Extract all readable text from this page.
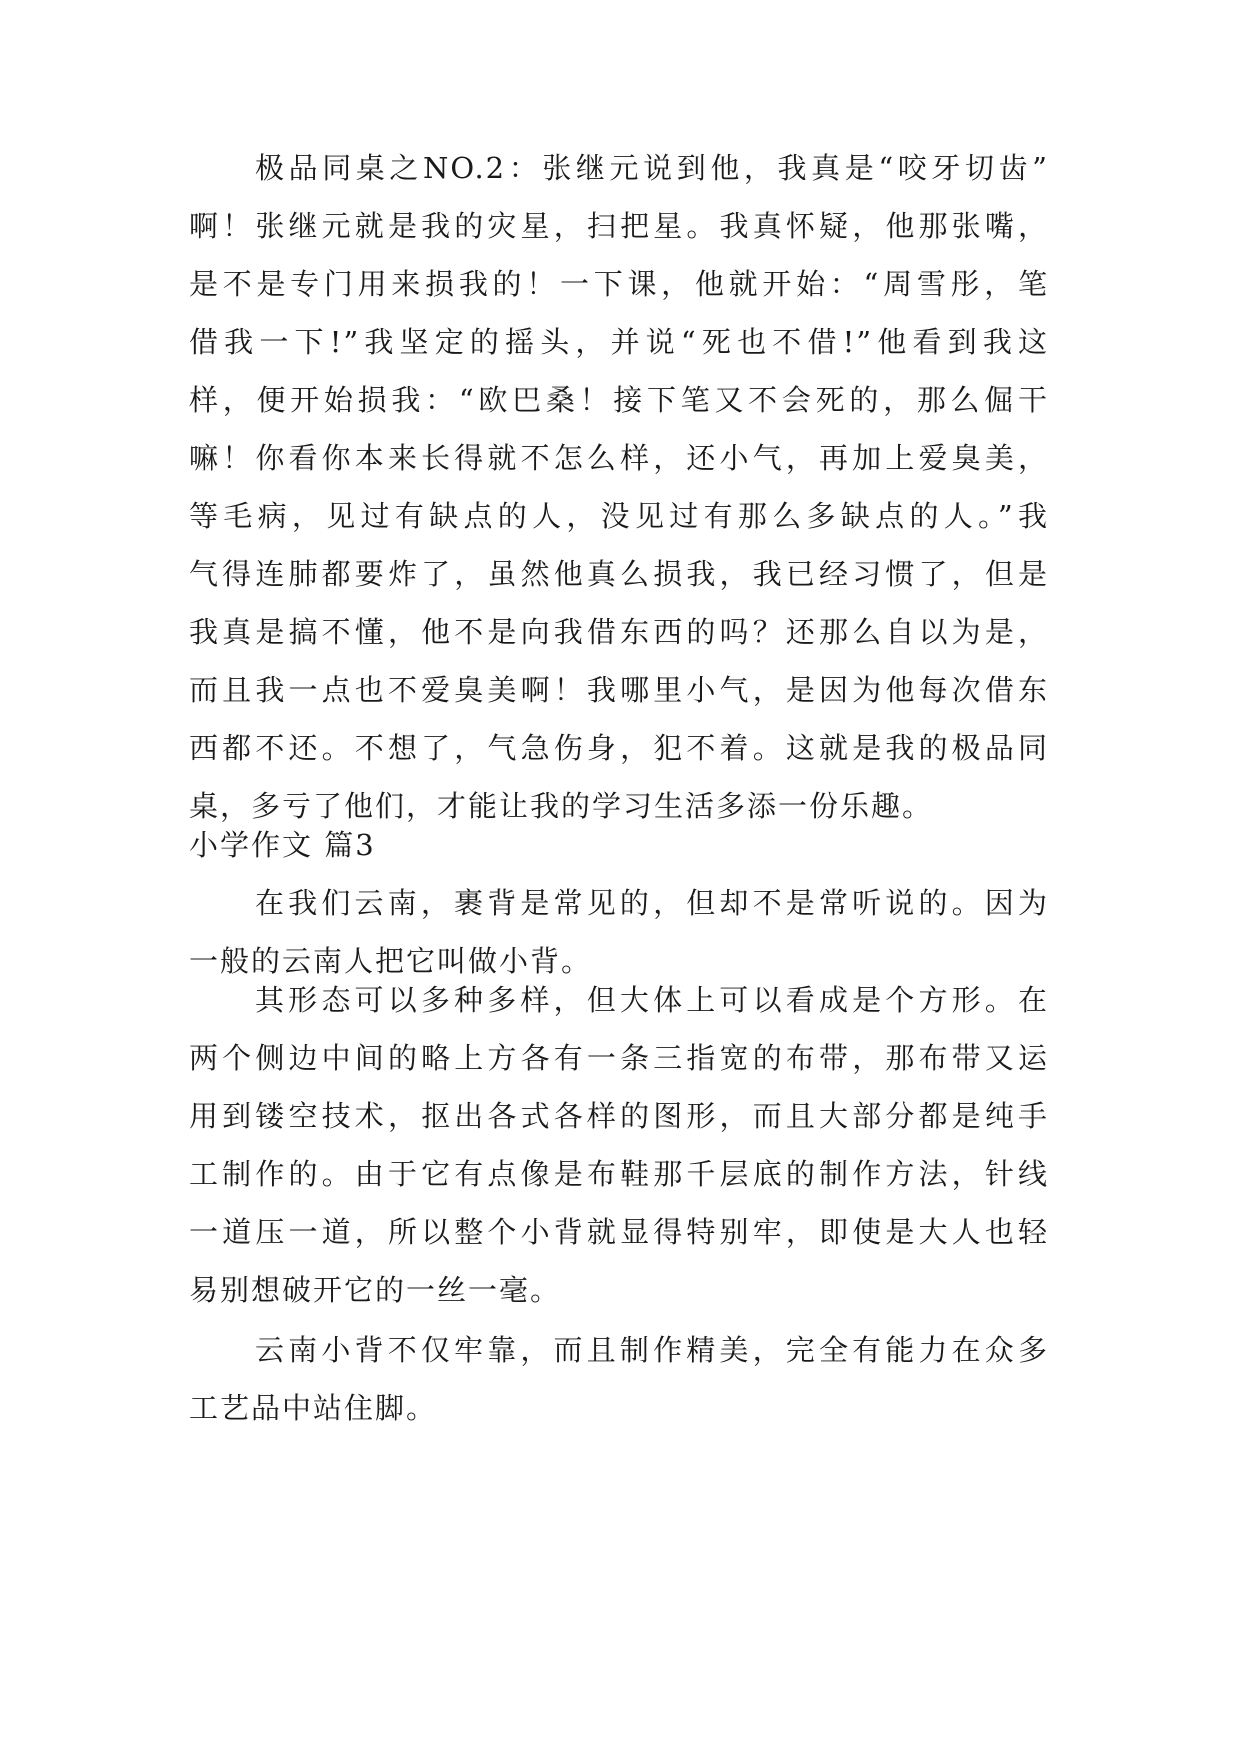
极品同桌之NO.2：张继元说到他，我真是“咬牙切齿”
啊！张继元就是我的灾星，扫把星。我真怀疑，他那张嘴，
是不是专门用来损我的！一下课，他就开始：“周雪彤，笔
借我一下!”我坚定的摇头，并说“死也不借!”他看到我这
样，便开始损我：“欧巴桑！接下笔又不会死的，那么倔干
嘛！你看你本来长得就不怎么样，还小气，再加上爱臭美，
等毛病，见过有缺点的人，没见过有那么多缺点的人。”我
气得连肺都要炸了，虽然他真么损我，我已经习惯了，但是
我真是搞不懂，他不是向我借东西的吗？还那么自以为是，
而且我一点也不爱臭美啊！我哪里小气，是因为他每次借东
西都不还。不想了，气急伤身，犯不着。这就是我的极品同
桌，多亏了他们，才能让我的学习生活多添一份乐趣。
小学作文 篇3
在我们云南，裹背是常见的，但却不是常听说的。因为
一般的云南人把它叫做小背。
其形态可以多种多样，但大体上可以看成是个方形。在
两个侧边中间的略上方各有一条三指宽的布带，那布带又运
用到镂空技术，抠出各式各样的图形，而且大部分都是纯手
工制作的。由于它有点像是布鞋那千层底的制作方法，针线
一道压一道，所以整个小背就显得特别牢，即使是大人也轻
易别想破开它的一丝一毫。
云南小背不仅牢靠，而且制作精美，完全有能力在众多
工艺品中站住脚。
